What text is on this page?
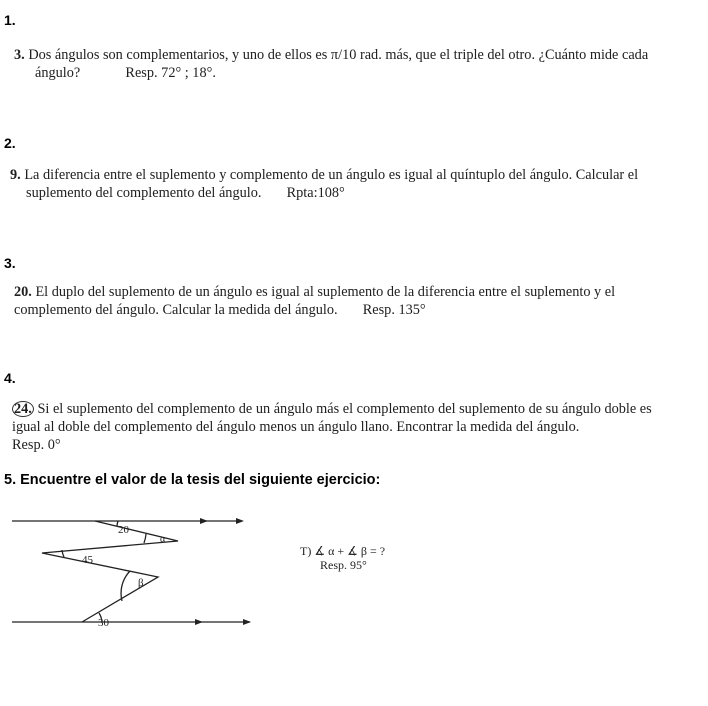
1.
3. Dos ángulos son complementarios, y uno de ellos es π/10 rad. más, que el triple del otro. ¿Cuánto mide cada
ángulo?	Resp. 72° ; 18°.
2.
9. La diferencia entre el suplemento y complemento de un ángulo es igual al quíntuplo del ángulo. Calcular el
suplemento del complemento del ángulo. Rpta:108°
3.
20. El duplo del suplemento de un ángulo es igual al suplemento de la diferencia entre el suplemento y el
complemento del ángulo. Calcular la medida del ángulo. Resp. 135°
4.
24. Si el suplemento del complemento de un ángulo más el complemento del suplemento de su ángulo doble es
igual al doble del complemento del ángulo menos un ángulo llano. Encontrar la medida del ángulo.
Resp. 0°
5. Encuentre el valor de la tesis del siguiente ejercicio:
20
α
45
β
30
T) ∡ α + ∡ β = ?
Resp. 95°
